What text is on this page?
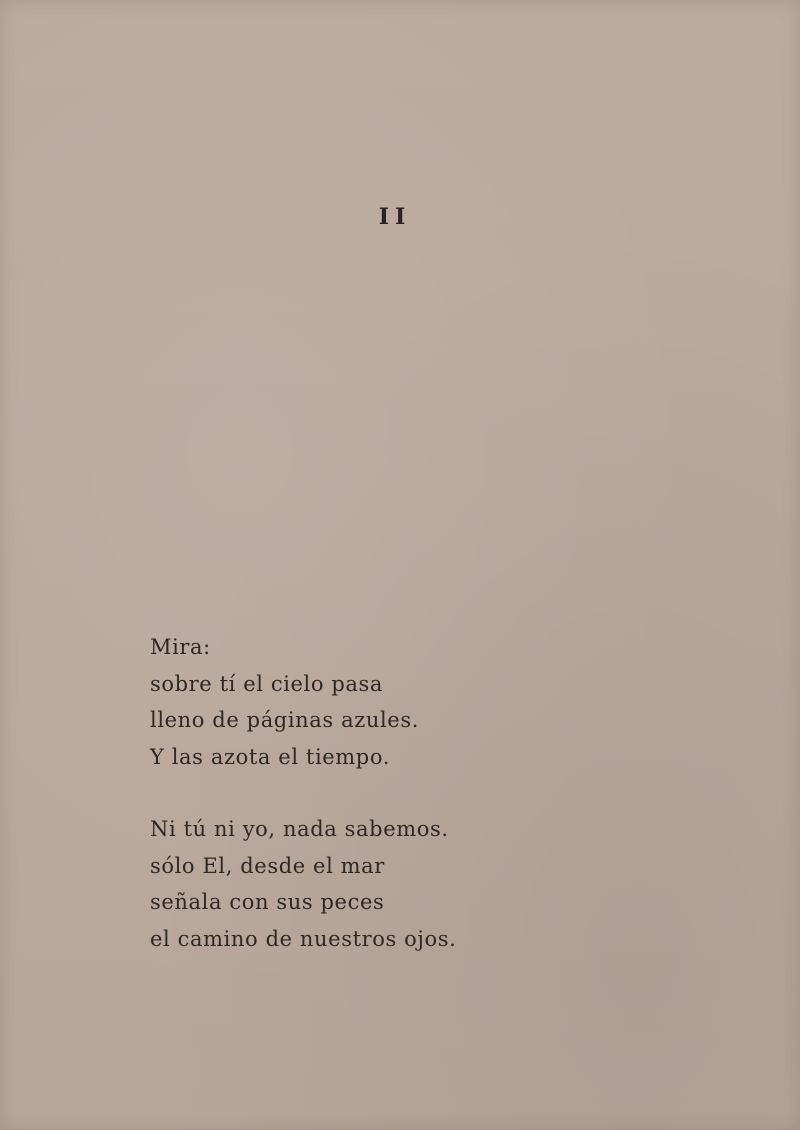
II
Mira:
sobre tí el cielo pasa
lleno de páginas azules.
Y las azota el tiempo.
Ni tú ni yo, nada sabemos.
sólo El, desde el mar
señala con sus peces
el camino de nuestros ojos.
